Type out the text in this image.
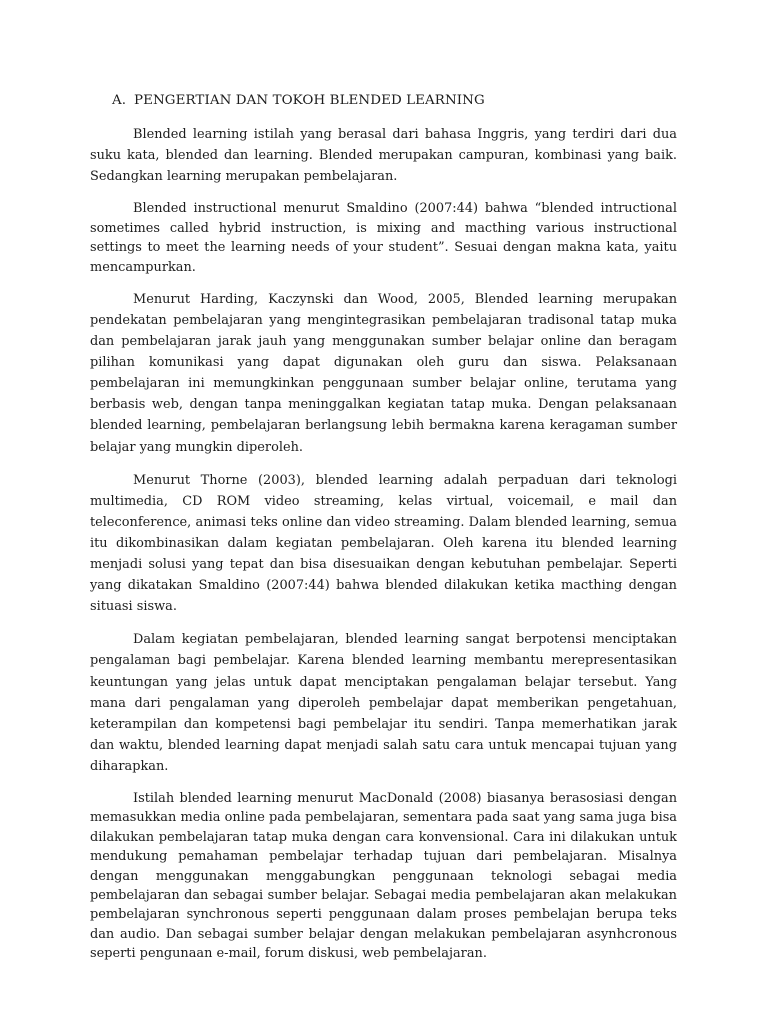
A. PENGERTIAN DAN TOKOH BLENDED LEARNING

Blended learning istilah yang berasal dari bahasa Inggris, yang terdiri dari dua suku kata, blended dan learning. Blended merupakan campuran, kombinasi yang baik. Sedangkan learning merupakan pembelajaran.

Blended instructional menurut Smaldino (2007:44) bahwa “blended intructional sometimes called hybrid instruction, is mixing and macthing various instructional settings to meet the learning needs of your student”. Sesuai dengan makna kata, yaitu mencampurkan.

Menurut Harding, Kaczynski dan Wood, 2005, Blended learning merupakan pendekatan pembelajaran yang mengintegrasikan pembelajaran tradisonal tatap muka dan pembelajaran jarak jauh yang menggunakan sumber belajar online dan beragam pilihan komunikasi yang dapat digunakan oleh guru dan siswa. Pelaksanaan pembelajaran ini memungkinkan penggunaan sumber belajar online, terutama yang berbasis web, dengan tanpa meninggalkan kegiatan tatap muka. Dengan pelaksanaan blended learning, pembelajaran berlangsung lebih bermakna karena keragaman sumber belajar yang mungkin diperoleh.

Menurut Thorne (2003), blended learning adalah perpaduan dari teknologi multimedia, CD ROM video streaming, kelas virtual, voicemail, e mail dan teleconference, animasi teks online dan video streaming. Dalam blended learning, semua itu dikombinasikan dalam kegiatan pembelajaran. Oleh karena itu blended learning menjadi solusi yang tepat dan bisa disesuaikan dengan kebutuhan pembelajar. Seperti yang dikatakan Smaldino (2007:44) bahwa blended dilakukan ketika macthing dengan situasi siswa.

Dalam kegiatan pembelajaran, blended learning sangat berpotensi menciptakan pengalaman bagi pembelajar. Karena blended learning membantu merepresentasikan keuntungan yang jelas untuk dapat menciptakan pengalaman belajar tersebut. Yang mana dari pengalaman yang diperoleh pembelajar dapat memberikan pengetahuan, keterampilan dan kompetensi bagi pembelajar itu sendiri. Tanpa memerhatikan jarak dan waktu, blended learning dapat menjadi salah satu cara untuk mencapai tujuan yang diharapkan.

Istilah blended learning menurut MacDonald (2008) biasanya berasosiasi dengan memasukkan media online pada pembelajaran, sementara pada saat yang sama juga bisa dilakukan pembelajaran tatap muka dengan cara konvensional. Cara ini dilakukan untuk mendukung pemahaman pembelajar terhadap tujuan dari pembelajaran. Misalnya dengan menggunakan menggabungkan penggunaan teknologi sebagai media pembelajaran dan sebagai sumber belajar. Sebagai media pembelajaran akan melakukan pembelajaran synchronous seperti penggunaan dalam proses pembelajan berupa teks dan audio. Dan sebagai sumber belajar dengan melakukan pembelajaran asynhcronous seperti pengunaan e-mail, forum diskusi, web pembelajaran.
